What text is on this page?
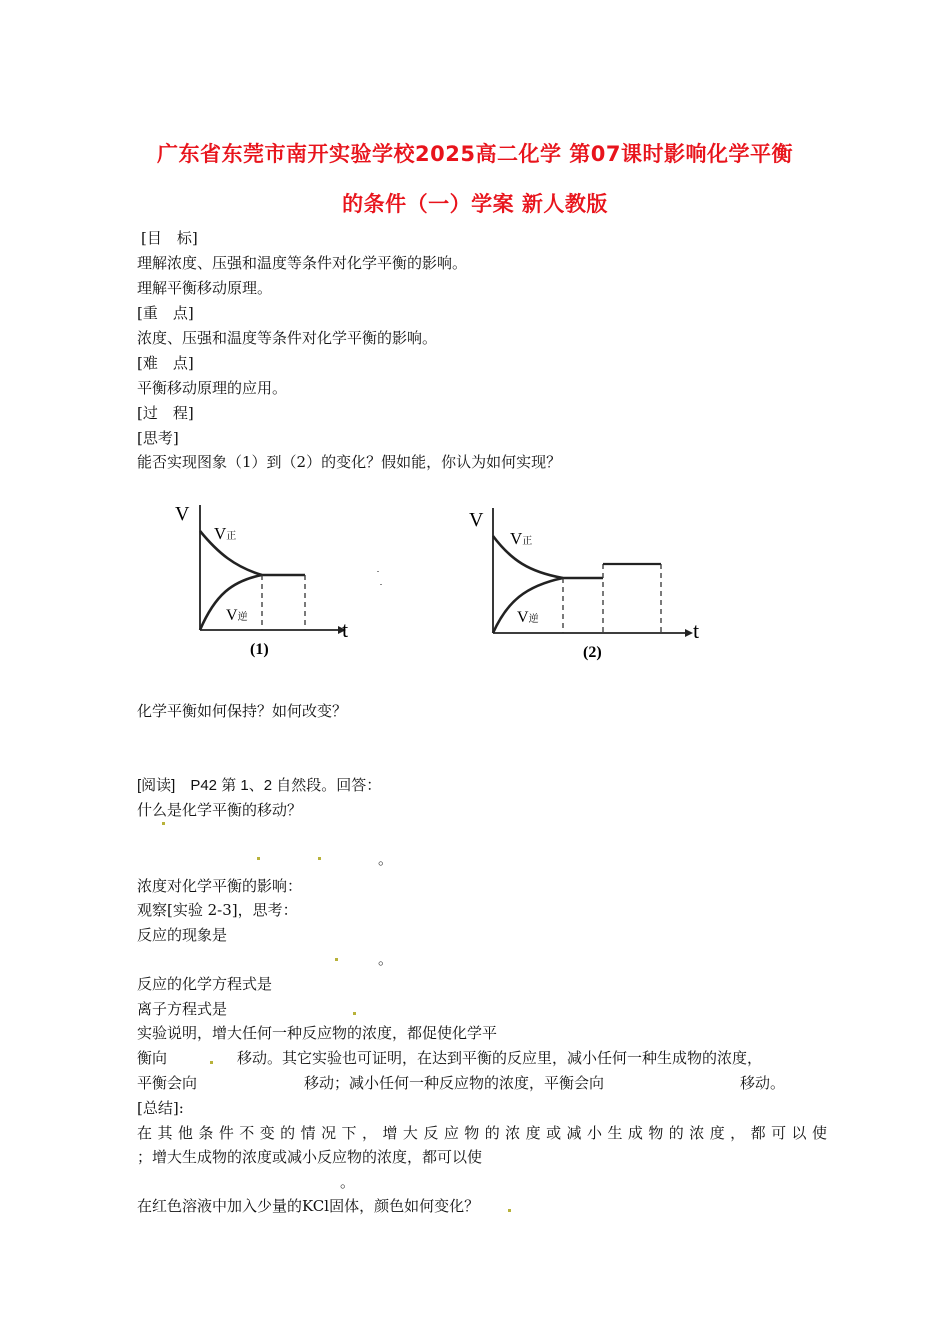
广东省东莞市南开实验学校2025高二化学 第07课时影响化学平衡
的条件（一）学案 新人教版
[目　标]
理解浓度、压强和温度等条件对化学平衡的影响。
理解平衡移动原理。
[重　点]
浓度、压强和温度等条件对化学平衡的影响。
[难　点]
平衡移动原理的应用。
[过　程]
[思考]
能否实现图象（1）到（2）的变化？假如能，你认为如何实现？
V
t
V正
V逆
(1)
V
t
V正
V逆
(2)
化学平衡如何保持？如何改变？
[阅读]　P42 第 1、2 自然段。回答：
什么是化学平衡的移动？
。
浓度对化学平衡的影响：
观察[实验 2-3]，思考：
反应的现象是
。
反应的化学方程式是
离子方程式是
实验说明，增大任何一种反应物的浓度，都促使化学平
衡向	移动。其它实验也可证明，在达到平衡的反应里，减小任何一种生成物的浓度，
平衡会向	移动；减小任何一种反应物的浓度，平衡会向	移动。
[总结]:
在其他条件不变的情况下，增大反应物的浓度或减小生成物的浓度，都可以使
；增大生成物的浓度或减小反应物的浓度，都可以使
。
在红色溶液中加入少量的KCl固体，颜色如何变化？
